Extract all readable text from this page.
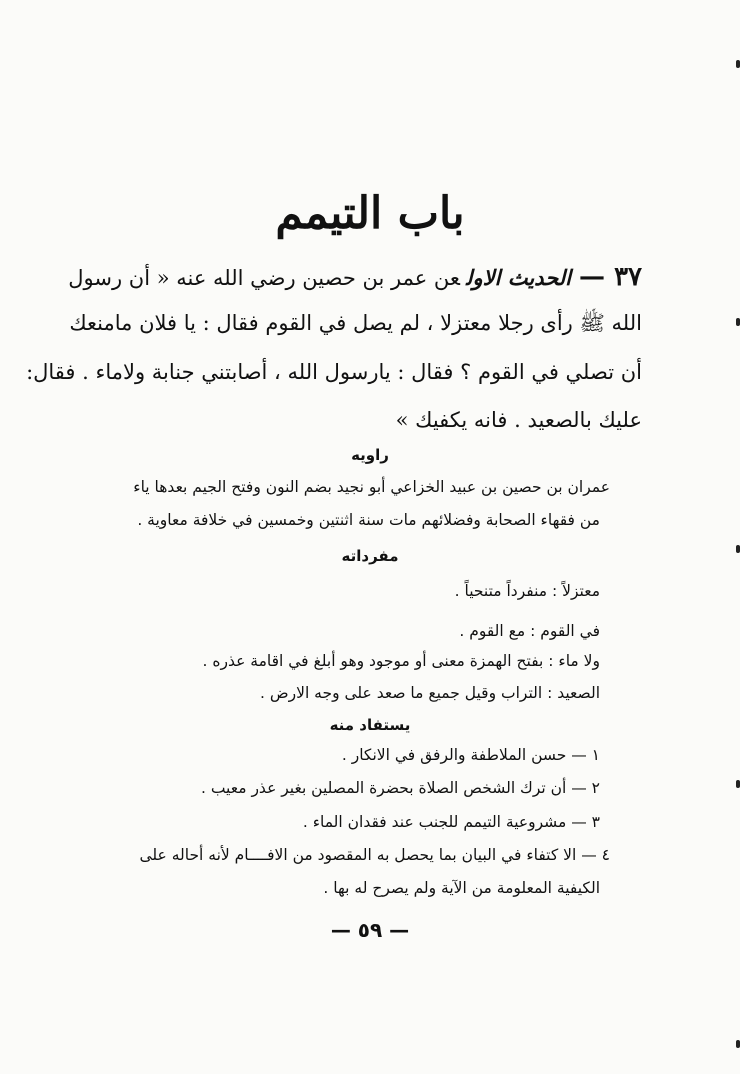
باب التيمم
٣٧ —الحديث الاولعن عمر بن حصين رضي الله عنه « أن رسول
الله ﷺ رأى رجلا معتزلا ، لم يصل في القوم فقال : يا فلان مامنعك
أن تصلي في القوم ؟ فقال : يارسول الله ، أصابتني جنابة ولاماء . فقال:
عليك بالصعيد . فانه يكفيك »
راويه
عمران بن حصين بن عبيد الخزاعي أبو نجيد بضم النون وفتح الجيم بعدها ياء
من فقهاء الصحابة وفضلائهم مات سنة اثنتين وخمسين في خلافة معاوية .
مفرداته
معتزلاً : منفرداً متنحياً .
في القوم : مع القوم .
ولا ماء : بفتح الهمزة معنى أو موجود وهو أبلغ في اقامة عذره .
الصعيد : التراب وقيل جميع ما صعد على وجه الارض .
يستفاد منه
١ — حسن الملاطفة والرفق في الانكار .
٢ — أن ترك الشخص الصلاة بحضرة المصلين بغير عذر معيب .
٣ — مشروعية التيمم للجنب عند فقدان الماء .
٤ — الا كتفاء في البيان بما يحصل به المقصود من الافــــام لأنه أحاله على
الكيفية المعلومة من الآية ولم يصرح له بها .
— ٥٩ —
